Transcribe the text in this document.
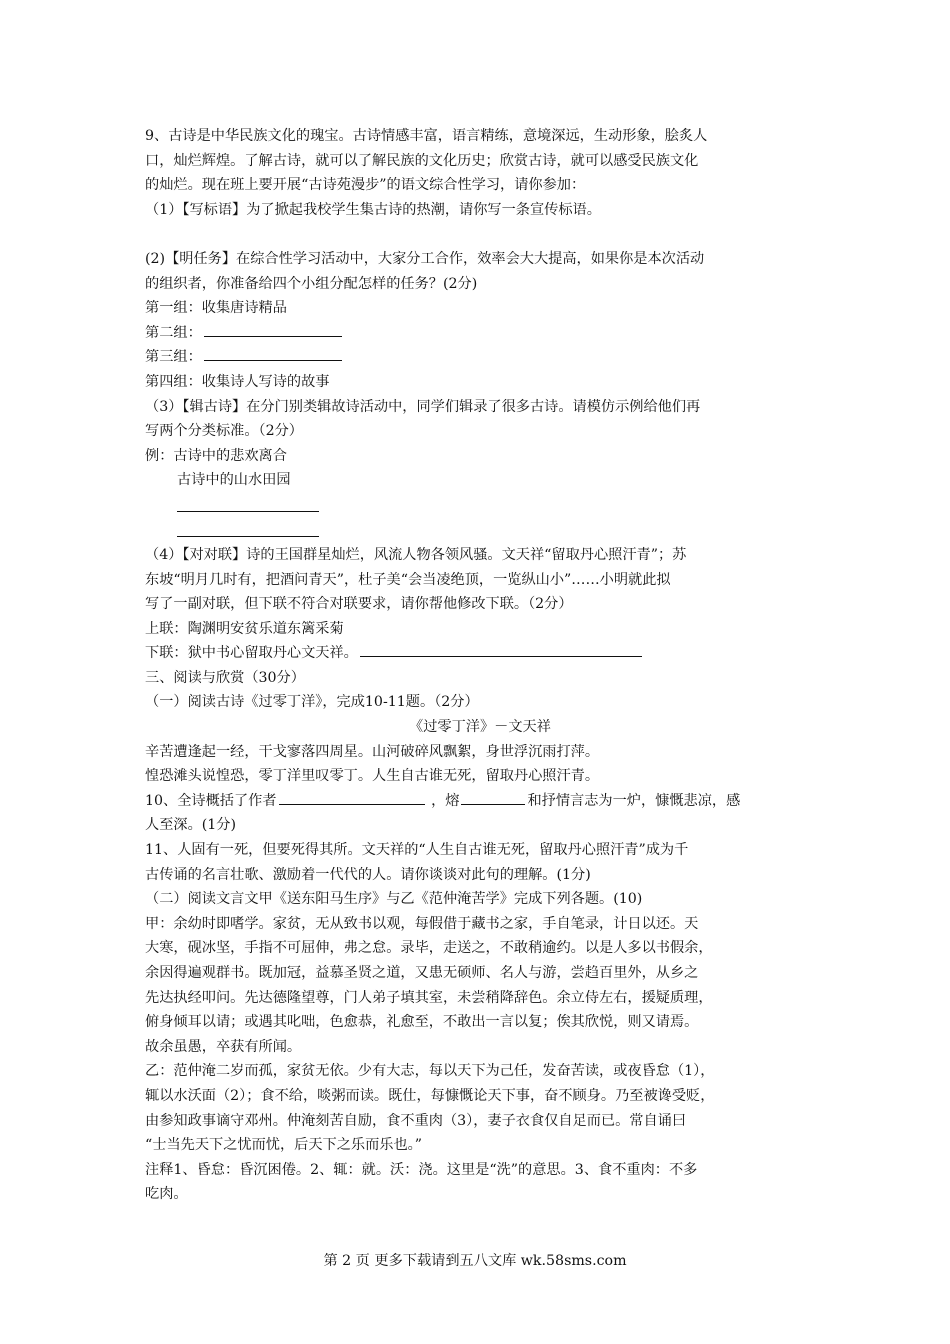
9、古诗是中华民族文化的瑰宝。古诗情感丰富，语言精练，意境深远，生动形象，脍炙人

口，灿烂辉煌。了解古诗，就可以了解民族的文化历史；欣赏古诗，就可以感受民族文化

的灿烂。现在班上要开展“古诗苑漫步”的语文综合性学习，请你参加：

（1）【写标语】为了掀起我校学生集古诗的热潮，请你写一条宣传标语。

(2)【明任务】在综合性学习活动中，大家分工合作，效率会大大提高，如果你是本次活动

的组织者，你准备给四个小组分配怎样的任务？(2分)

第一组：收集唐诗精品

第二组：

第三组：

第四组：收集诗人写诗的故事

（3）【辑古诗】在分门别类辑故诗活动中，同学们辑录了很多古诗。请模仿示例给他们再

写两个分类标准。（2分）

例：古诗中的悲欢离合

古诗中的山水田园

（4）【对对联】诗的王国群星灿烂，风流人物各领风骚。文天祥“留取丹心照汗青”；苏

东坡“明月几时有，把酒问青天”，杜子美“会当凌绝顶，一览纵山小”……小明就此拟

写了一副对联，但下联不符合对联要求，请你帮他修改下联。（2分）

上联：陶渊明安贫乐道东篱采菊

下联：狱中书心留取丹心文天祥。

三、阅读与欣赏（30分）

（一）阅读古诗《过零丁洋》，完成10-11题。（2分）

《过零丁洋》－文天祥

辛苦遭逢起一经，干戈寥落四周星。山河破碎风飘絮，身世浮沉雨打萍。

惶恐滩头说惶恐，零丁洋里叹零丁。人生自古谁无死，留取丹心照汗青。

10、全诗概括了作者	，熔	和抒情言志为一炉，慷慨悲凉，感

人至深。(1分)

11、人固有一死，但要死得其所。文天祥的“人生自古谁无死，留取丹心照汗青”成为千

古传诵的名言壮歌、激励着一代代的人。请你谈谈对此句的理解。(1分)

（二）阅读文言文甲《送东阳马生序》与乙《范仲淹苦学》完成下列各题。(10)

甲：余幼时即嗜学。家贫，无从致书以观，每假借于藏书之家，手自笔录，计日以还。天

大寒，砚冰坚，手指不可屈伸，弗之怠。录毕，走送之，不敢稍逾约。以是人多以书假余，

余因得遍观群书。既加冠，益慕圣贤之道，又患无硕师、名人与游，尝趋百里外，从乡之

先达执经叩问。先达德隆望尊，门人弟子填其室，未尝稍降辞色。余立侍左右，援疑质理，

俯身倾耳以请；或遇其叱咄，色愈恭，礼愈至，不敢出一言以复；俟其欣悦，则又请焉。

故余虽愚，卒获有所闻。

乙：范仲淹二岁而孤，家贫无依。少有大志，每以天下为己任，发奋苦读，或夜昏怠（1），

辄以水沃面（2）；食不给，啖粥而读。既仕，每慷慨论天下事，奋不顾身。乃至被谗受贬，

由参知政事谪守邓州。仲淹刻苦自励，食不重肉（3），妻子衣食仅自足而已。常自诵曰

“士当先天下之忧而忧，后天下之乐而乐也。”

注释1、昏怠：昏沉困倦。2、辄：就。沃：浇。这里是“洗”的意思。3、食不重肉：不多

吃肉。

第 2 页 更多下载请到五八文库 wk.58sms.com
